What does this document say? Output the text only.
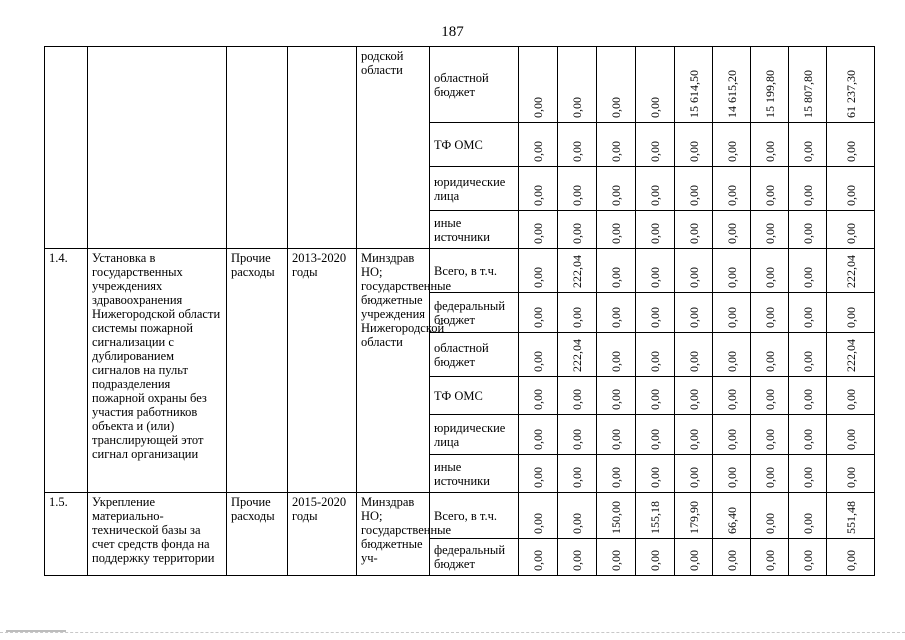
187
				родской области	областной бюджет	0,00	0,00	0,00	0,00	15 614,50	14 615,20	15 199,80	15 807,80	61 237,30

					ТФ ОМС	0,00	0,00	0,00	0,00	0,00	0,00	0,00	0,00	0,00

					юридические лица	0,00	0,00	0,00	0,00	0,00	0,00	0,00	0,00	0,00

					иные источники	0,00	0,00	0,00	0,00	0,00	0,00	0,00	0,00	0,00

1.4.	Установка в государственных учреждениях здравоохранения Нижегородской области системы пожарной сигнализации с дублированием сигналов на пульт подразделения пожарной охраны без участия работников объекта и (или) транслирующей этот сигнал организации	Прочие расходы	2013-2020 годы	Минздрав НО; государственные бюджетные учреждения Нижегородской области	Всего, в т.ч.	0,00	222,04	0,00	0,00	0,00	0,00	0,00	0,00	222,04

					федеральный бюджет	0,00	0,00	0,00	0,00	0,00	0,00	0,00	0,00	0,00

					областной бюджет	0,00	222,04	0,00	0,00	0,00	0,00	0,00	0,00	222,04

					ТФ ОМС	0,00	0,00	0,00	0,00	0,00	0,00	0,00	0,00	0,00

					юридические лица	0,00	0,00	0,00	0,00	0,00	0,00	0,00	0,00	0,00

					иные источники	0,00	0,00	0,00	0,00	0,00	0,00	0,00	0,00	0,00

1.5.	Укрепление материально-технической базы за счет средств фонда на поддержку территории	Прочие расходы	2015-2020 годы	Минздрав НО; государственные бюджетные уч-	Всего, в т.ч.	0,00	0,00	150,00	155,18	179,90	66,40	0,00	0,00	551,48

					федеральный бюджет	0,00	0,00	0,00	0,00	0,00	0,00	0,00	0,00	0,00
